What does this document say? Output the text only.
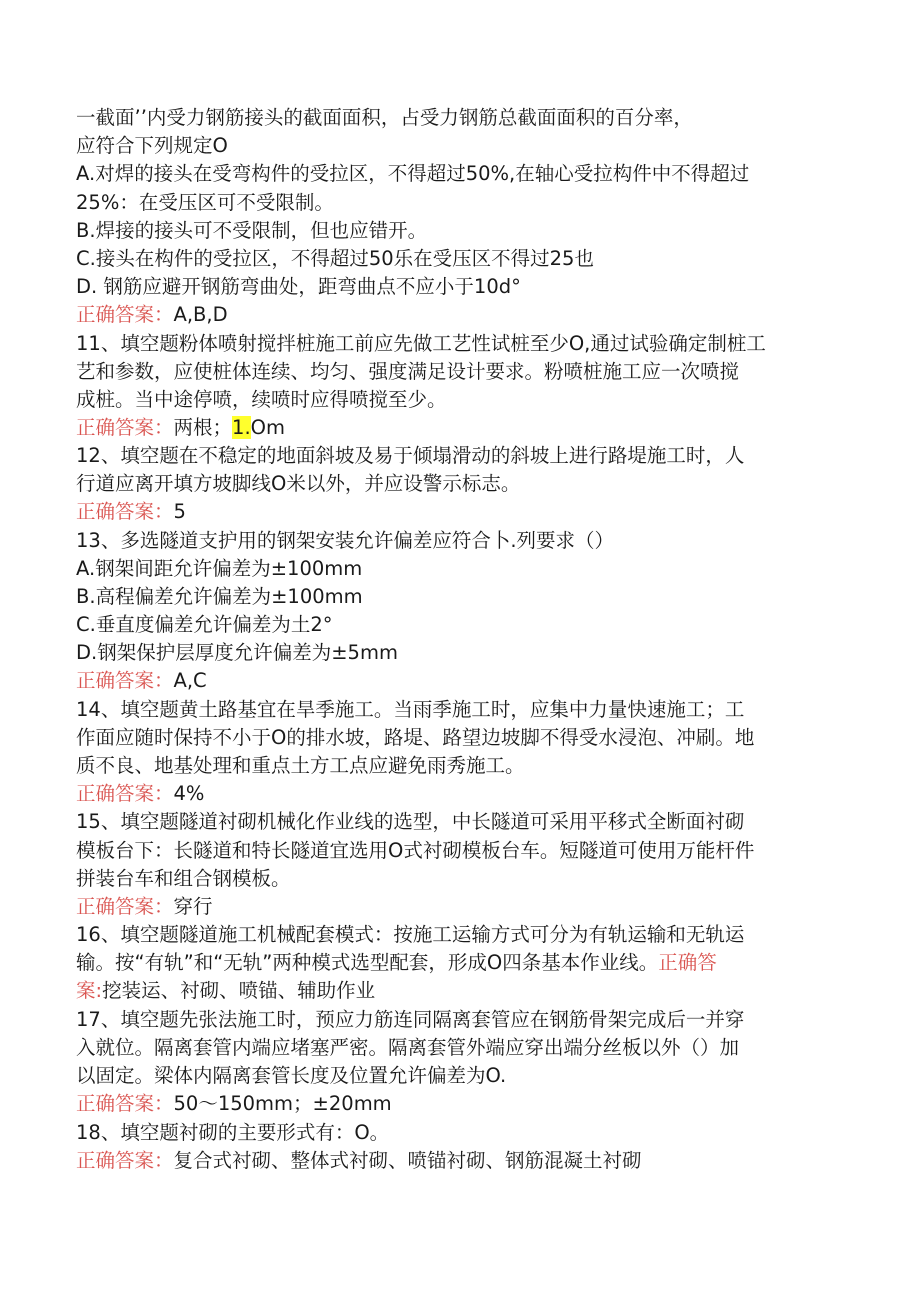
一截面’’内受力钢筋接头的截面面积，占受力钢筋总截面面积的百分率，
应符合下列规定O
A.对焊的接头在受弯构件的受拉区，不得超过50%,在轴心受拉构件中不得超过
25%：在受压区可不受限制。
B.焊接的接头可不受限制，但也应错开。
C.接头在构件的受拉区，不得超过50乐在受压区不得过25也
D. 钢筋应避开钢筋弯曲处，距弯曲点不应小于10d°
正确答案：A,B,D
11、填空题粉体喷射搅拌桩施工前应先做工艺性试桩至少O,通过试验确定制桩工
艺和参数，应使桩体连续、均匀、强度满足设计要求。粉喷桩施工应一次喷搅
成桩。当中途停喷，续喷时应得喷搅至少。
正确答案：两根；1.Om
12、填空题在不稳定的地面斜坡及易于倾塌滑动的斜坡上进行路堤施工时，人
行道应离开填方坡脚线O米以外，并应设警示标志。
正确答案：5
13、多选隧道支护用的钢架安装允许偏差应符合卜.列要求（）
A.钢架间距允许偏差为±100mm
B.高程偏差允许偏差为±100mm
C.垂直度偏差允许偏差为土2°
D.钢架保护层厚度允许偏差为±5mm
正确答案：A,C
14、填空题黄土路基宜在旱季施工。当雨季施工时，应集中力量快速施工；工
作面应随时保持不小于O的排水坡，路堤、路望边坡脚不得受水浸泡、冲刷。地
质不良、地基处理和重点土方工点应避免雨秀施工。
正确答案：4%
15、填空题隧道衬砌机械化作业线的选型，中长隧道可采用平移式全断面衬砌
模板台下：长隧道和特长隧道宜选用O式衬砌模板台车。短隧道可使用万能杆件
拼装台车和组合钢模板。
正确答案：穿行
16、填空题隧道施工机械配套模式：按施工运输方式可分为有轨运输和无轨运
输。按“有轨”和“无轨”两种模式选型配套，形成O四条基本作业线。正确答
案:挖装运、衬砌、喷锚、辅助作业
17、填空题先张法施工时，预应力筋连同隔离套管应在钢筋骨架完成后一并穿
入就位。隔离套管内端应堵塞严密。隔离套管外端应穿出端分丝板以外（）加
以固定。梁体内隔离套管长度及位置允许偏差为O.
正确答案：50〜150mm；±20mm
18、填空题衬砌的主要形式有：O。
正确答案：复合式衬砌、整体式衬砌、喷锚衬砌、钢筋混凝土衬砌
